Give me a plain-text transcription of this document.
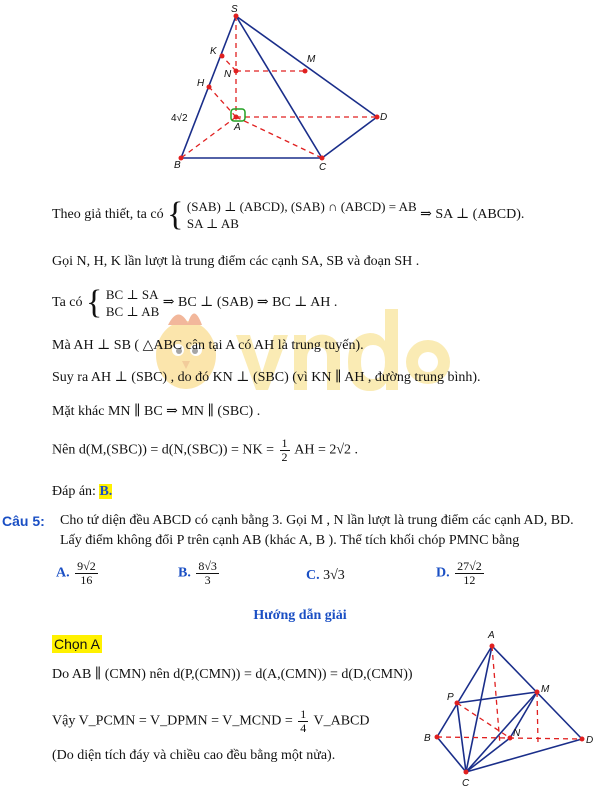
S
K
M
N
H
A
D
B	C
4√2
Theo giả thiết, ta có { (SAB) ⊥ (ABCD), (SAB) ∩ (ABCD) = AB
SA ⊥ AB
⇒ SA ⊥ (ABCD).
Gọi N, H, K lần lượt là trung điểm các cạnh SA, SB và đoạn SH .
Ta có { BC ⊥ SA
BC ⊥ AB
⇒ BC ⊥ (SAB) ⇒ BC ⊥ AH .
Mà AH ⊥ SB ( △ABC cân tại A có AH là trung tuyến).
Suy ra AH ⊥ (SBC) , do đó KN ⊥ (SBC) (vì KN ∥ AH , đường trung bình).
Mặt khác MN ∥ BC ⇒ MN ∥ (SBC) .
Nên d(M,(SBC)) = d(N,(SBC)) = NK = $\frac{1}{2}$ AH = 2√2 .
Đáp án: B.
Câu 5: Cho tứ diện đều ABCD có cạnh bằng 3. Gọi M , N lần lượt là trung điểm các cạnh AD, BD.
Lấy điểm không đổi P trên cạnh AB (khác A, B ). Thể tích khối chóp PMNC bằng
A. $\frac{9√2}{16}$	B. $\frac{8√3}{3}$	C. 3√3	D. $\frac{27√2}{12}$
Hướng dẫn giải
Chọn A
Do AB ∥ (CMN) nên d(P,(CMN)) = d(A,(CMN)) = d(D,(CMN))
Vậy V_PCMN = V_DPMN = V_MCND = $\frac{1}{4}$ V_ABCD
(Do diện tích đáy và chiều cao đều bằng một nửa).
A
P
M
B	N
D
C
